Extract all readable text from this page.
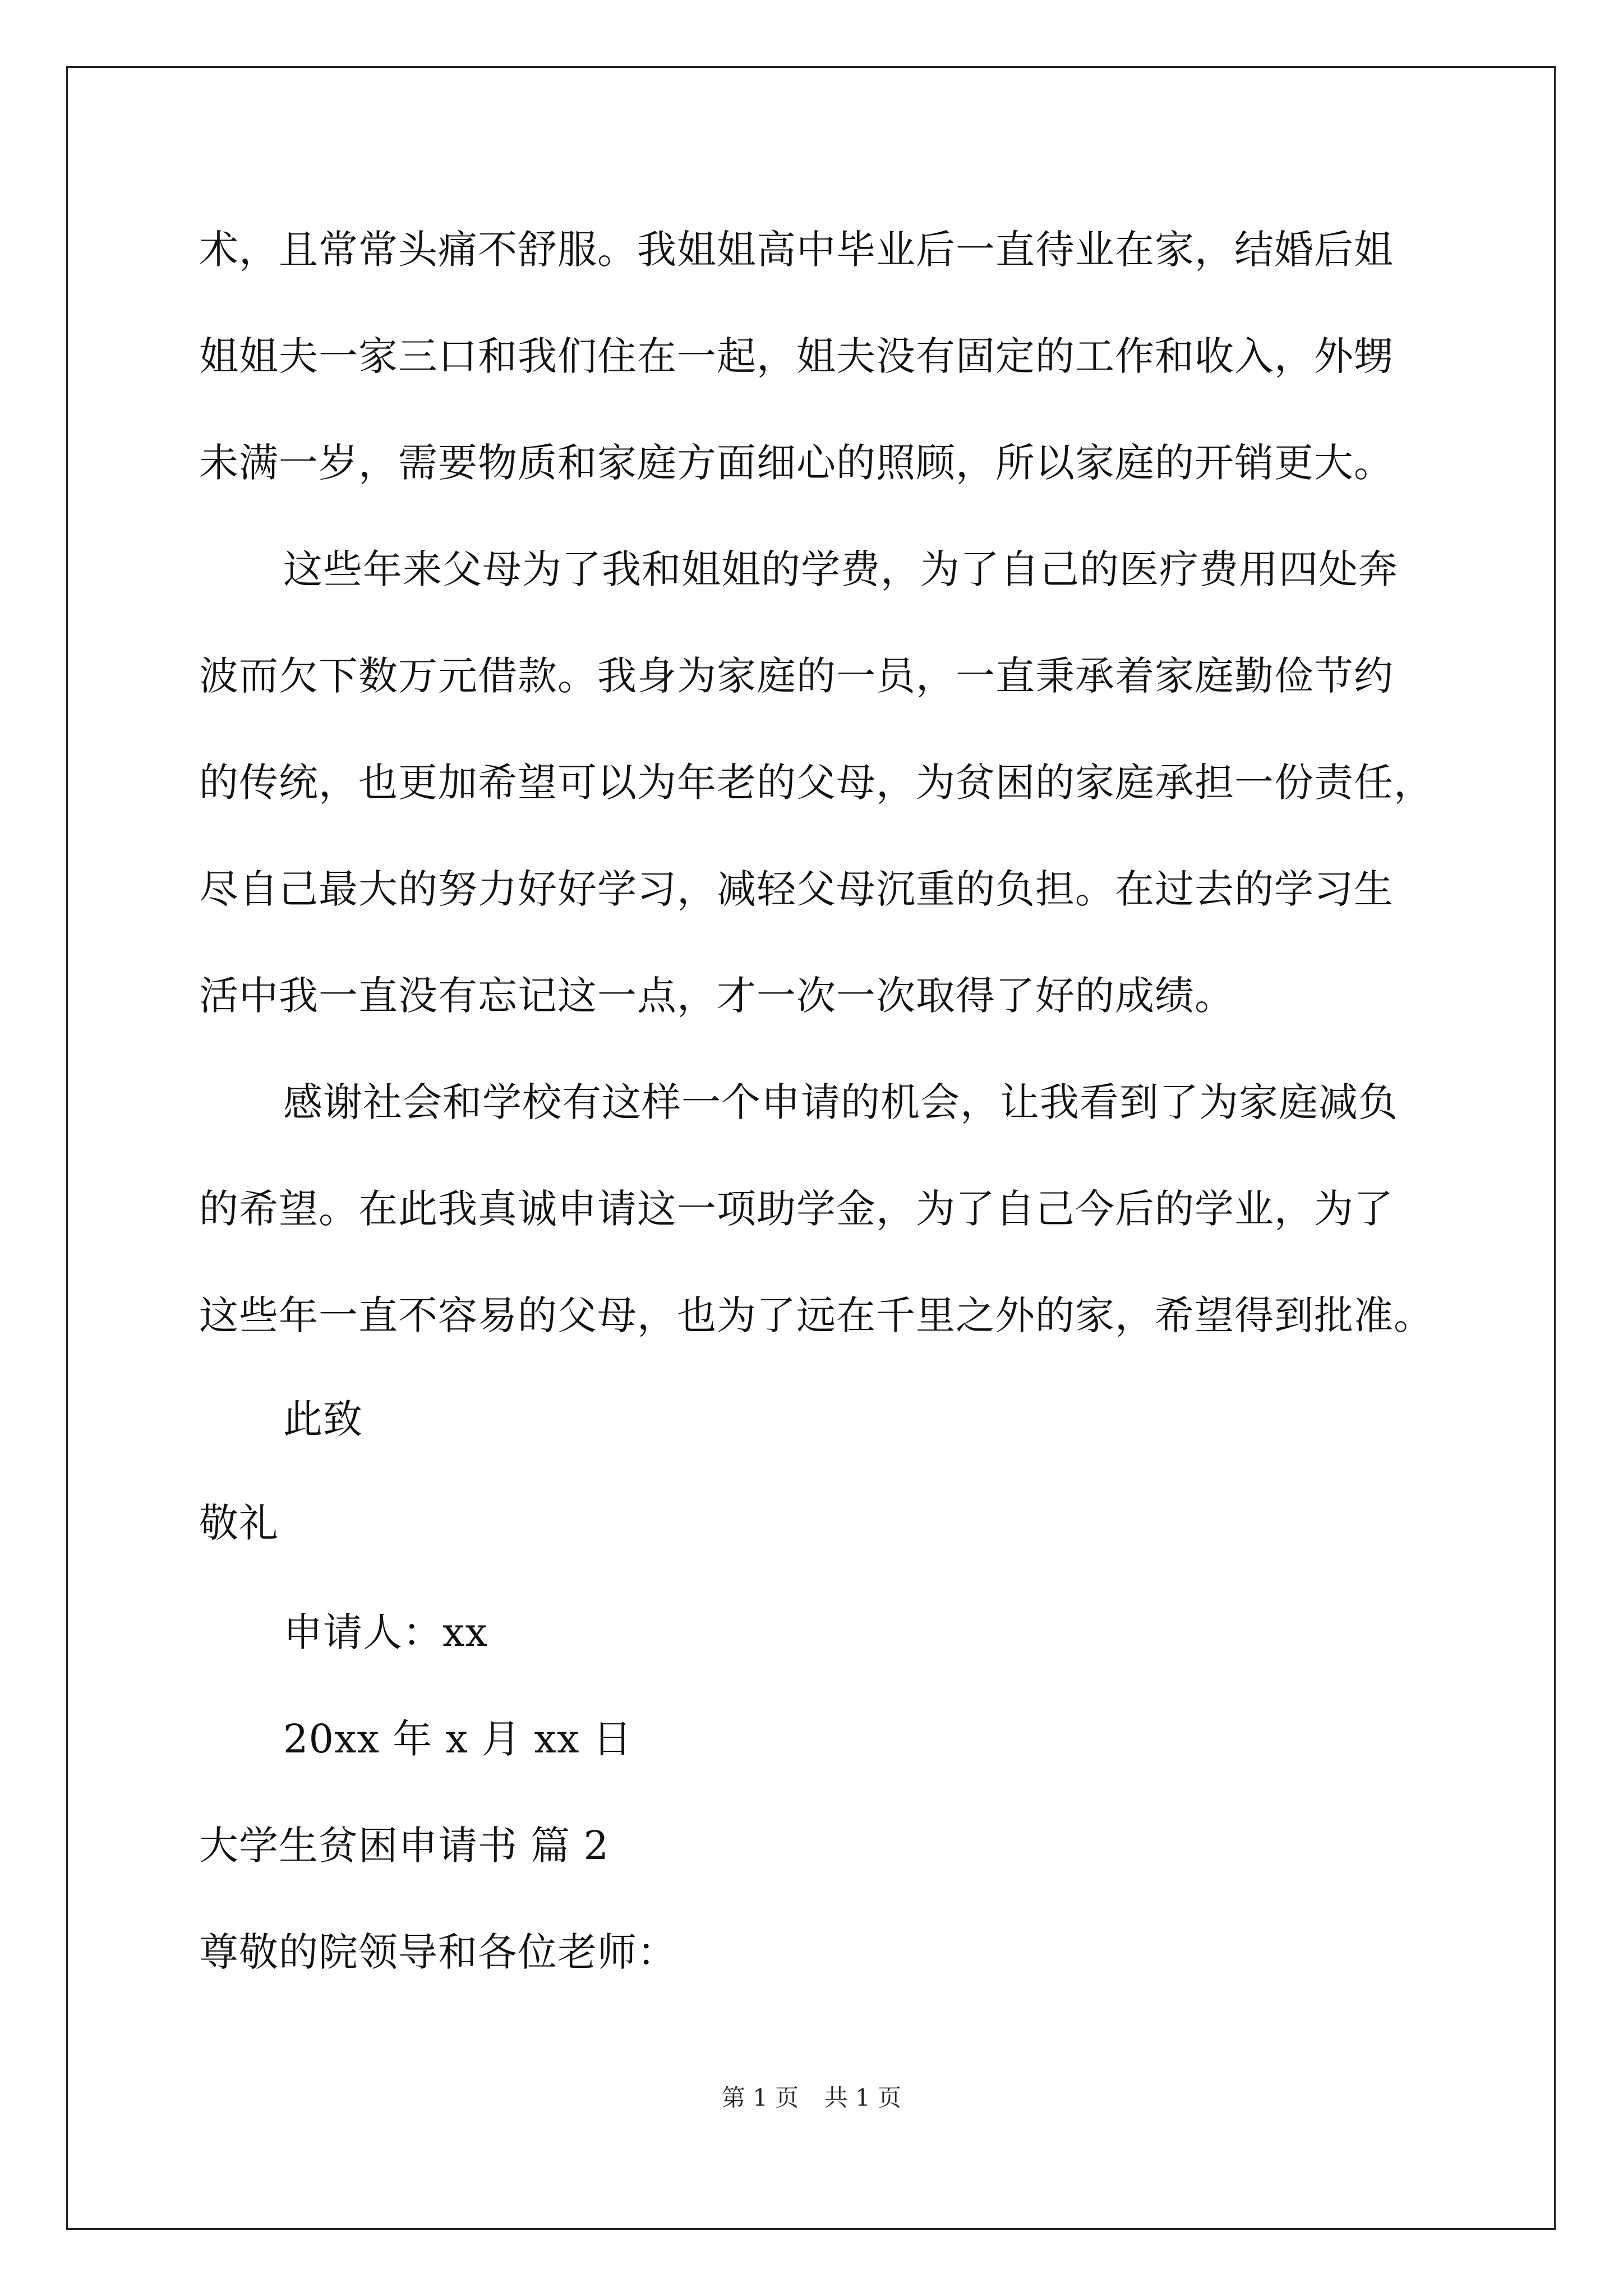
术，且常常头痛不舒服。我姐姐高中毕业后一直待业在家，结婚后姐
姐姐夫一家三口和我们住在一起，姐夫没有固定的工作和收入，外甥
未满一岁，需要物质和家庭方面细心的照顾，所以家庭的开销更大。
这些年来父母为了我和姐姐的学费，为了自己的医疗费用四处奔
波而欠下数万元借款。我身为家庭的一员，一直秉承着家庭勤俭节约
的传统，也更加希望可以为年老的父母，为贫困的家庭承担一份责任，
尽自己最大的努力好好学习，减轻父母沉重的负担。在过去的学习生
活中我一直没有忘记这一点，才一次一次取得了好的成绩。
感谢社会和学校有这样一个申请的机会，让我看到了为家庭减负
的希望。在此我真诚申请这一项助学金，为了自己今后的学业，为了
这些年一直不容易的父母，也为了远在千里之外的家，希望得到批准。
此致
敬礼
申请人：xx
20xx 年 x 月 xx 日
大学生贫困申请书 篇 2
尊敬的院领导和各位老师：
第 1 页 共 1 页
